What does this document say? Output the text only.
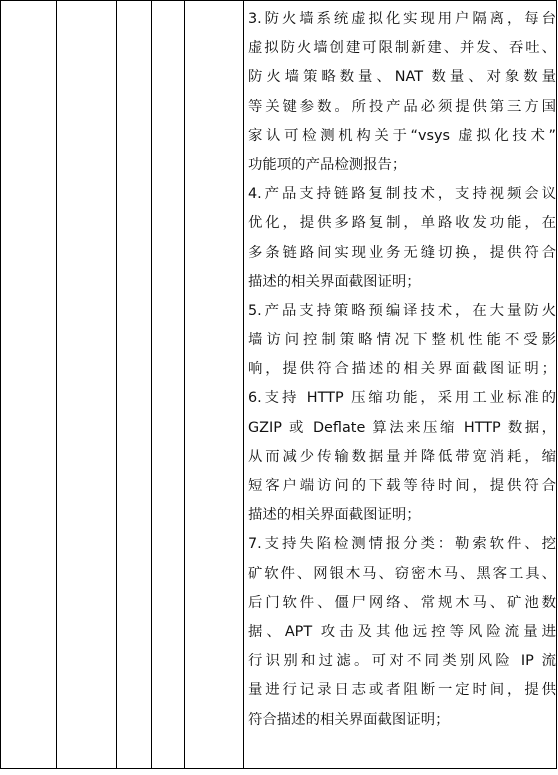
3.防火墙系统虚拟化实现用户隔离，每台
虚拟防火墙创建可限制新建、并发、吞吐、
防火墙策略数量、NAT 数量、对象数量
等关键参数。所投产品必须提供第三方国
家认可检测机构关于“vsys 虚拟化技术”
功能项的产品检测报告；
4.产品支持链路复制技术，支持视频会议
优化，提供多路复制，单路收发功能，在
多条链路间实现业务无缝切换，提供符合
描述的相关界面截图证明；
5.产品支持策略预编译技术，在大量防火
墙访问控制策略情况下整机性能不受影
响，提供符合描述的相关界面截图证明；
6.支持 HTTP 压缩功能，采用工业标准的
GZIP 或 Deflate 算法来压缩 HTTP 数据，
从而减少传输数据量并降低带宽消耗，缩
短客户端访问的下载等待时间，提供符合
描述的相关界面截图证明；
7.支持失陷检测情报分类：勒索软件、挖
矿软件、网银木马、窃密木马、黑客工具、
后门软件、僵尸网络、常规木马、矿池数
据、APT 攻击及其他远控等风险流量进
行识别和过滤。可对不同类别风险 IP 流
量进行记录日志或者阻断一定时间，提供
符合描述的相关界面截图证明；
